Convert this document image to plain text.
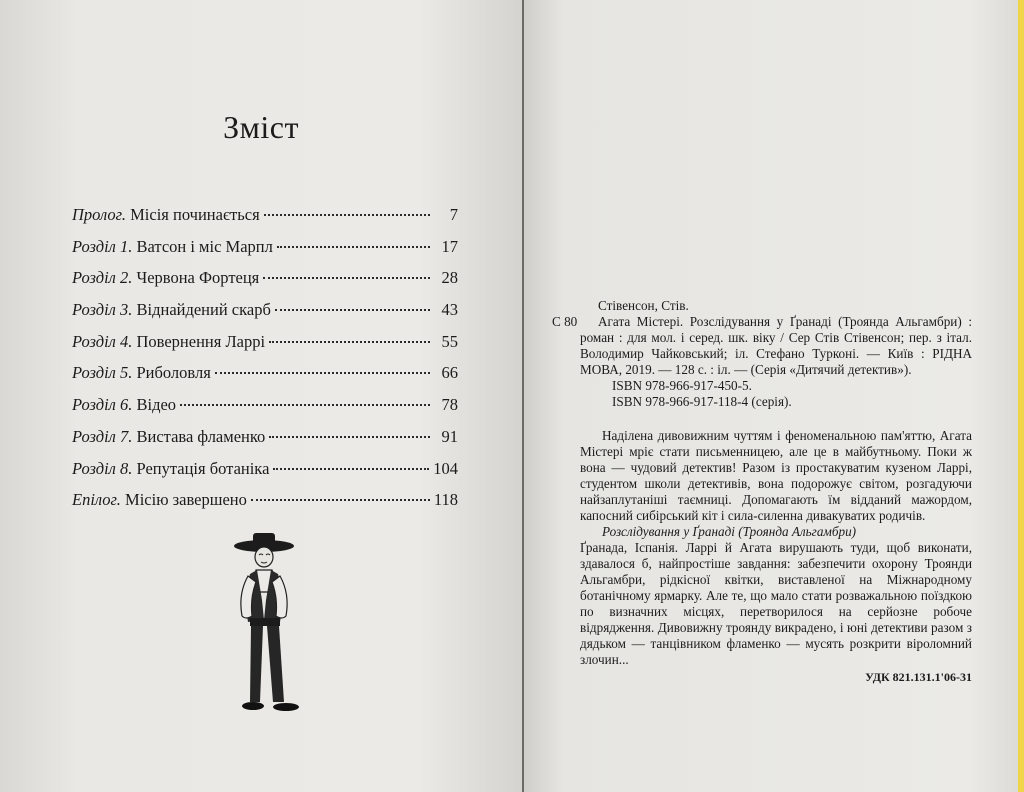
Зміст
Пролог. Місія починається	7
Розділ 1. Ватсон і міс Марпл	17
Розділ 2. Червона Фортеця	28
Розділ 3. Віднайдений скарб	43
Розділ 4. Повернення Ларрі	55
Розділ 5. Риболовля	66
Розділ 6. Відео	78
Розділ 7. Вистава фламенко	91
Розділ 8. Репутація ботаніка	104
Епілог. Місію завершено	118

Стівенсон, Стів.
С 80	Агата Містері. Розслідування у Ґранаді (Троянда Альгамбри) : роман : для мол. і серед. шк. віку / Сер Стів Стівенсон; пер. з італ. Володимир Чайковський; іл. Стефано Турконі. — Київ : РІДНА МОВА, 2019. — 128 с. : іл. — (Серія «Дитячий детектив»).
ISBN 978-966-917-450-5.
ISBN 978-966-917-118-4 (серія).
Наділена дивовижним чуттям і феноменальною пам'яттю, Агата Містері мріє стати письменницею, але це в майбутньому. Поки ж вона — чудовий детектив! Разом із простакуватим кузеном Ларрі, студентом школи детективів, вона подорожує світом, розгадуючи найзаплутаніші таємниці. Допомагають їм відданий мажордом, капосний сибірський кіт і сила-силенна дивакуватих родичів.
Розслідування у Ґранаді (Троянда Альгамбри)
Ґранада, Іспанія. Ларрі й Агата вирушають туди, щоб виконати, здавалося б, найпростіше завдання: забезпечити охорону Троянди Альгамбри, рідкісної квітки, виставленої на Міжнародному ботанічному ярмарку. Але те, що мало стати розважальною поїздкою по визначних місцях, перетворилося на серйозне робоче відрядження. Дивовижну троянду викрадено, і юні детективи разом з дядьком — танцівником фламенко — мусять розкрити віроломний злочин...
УДК 821.131.1'06-31
